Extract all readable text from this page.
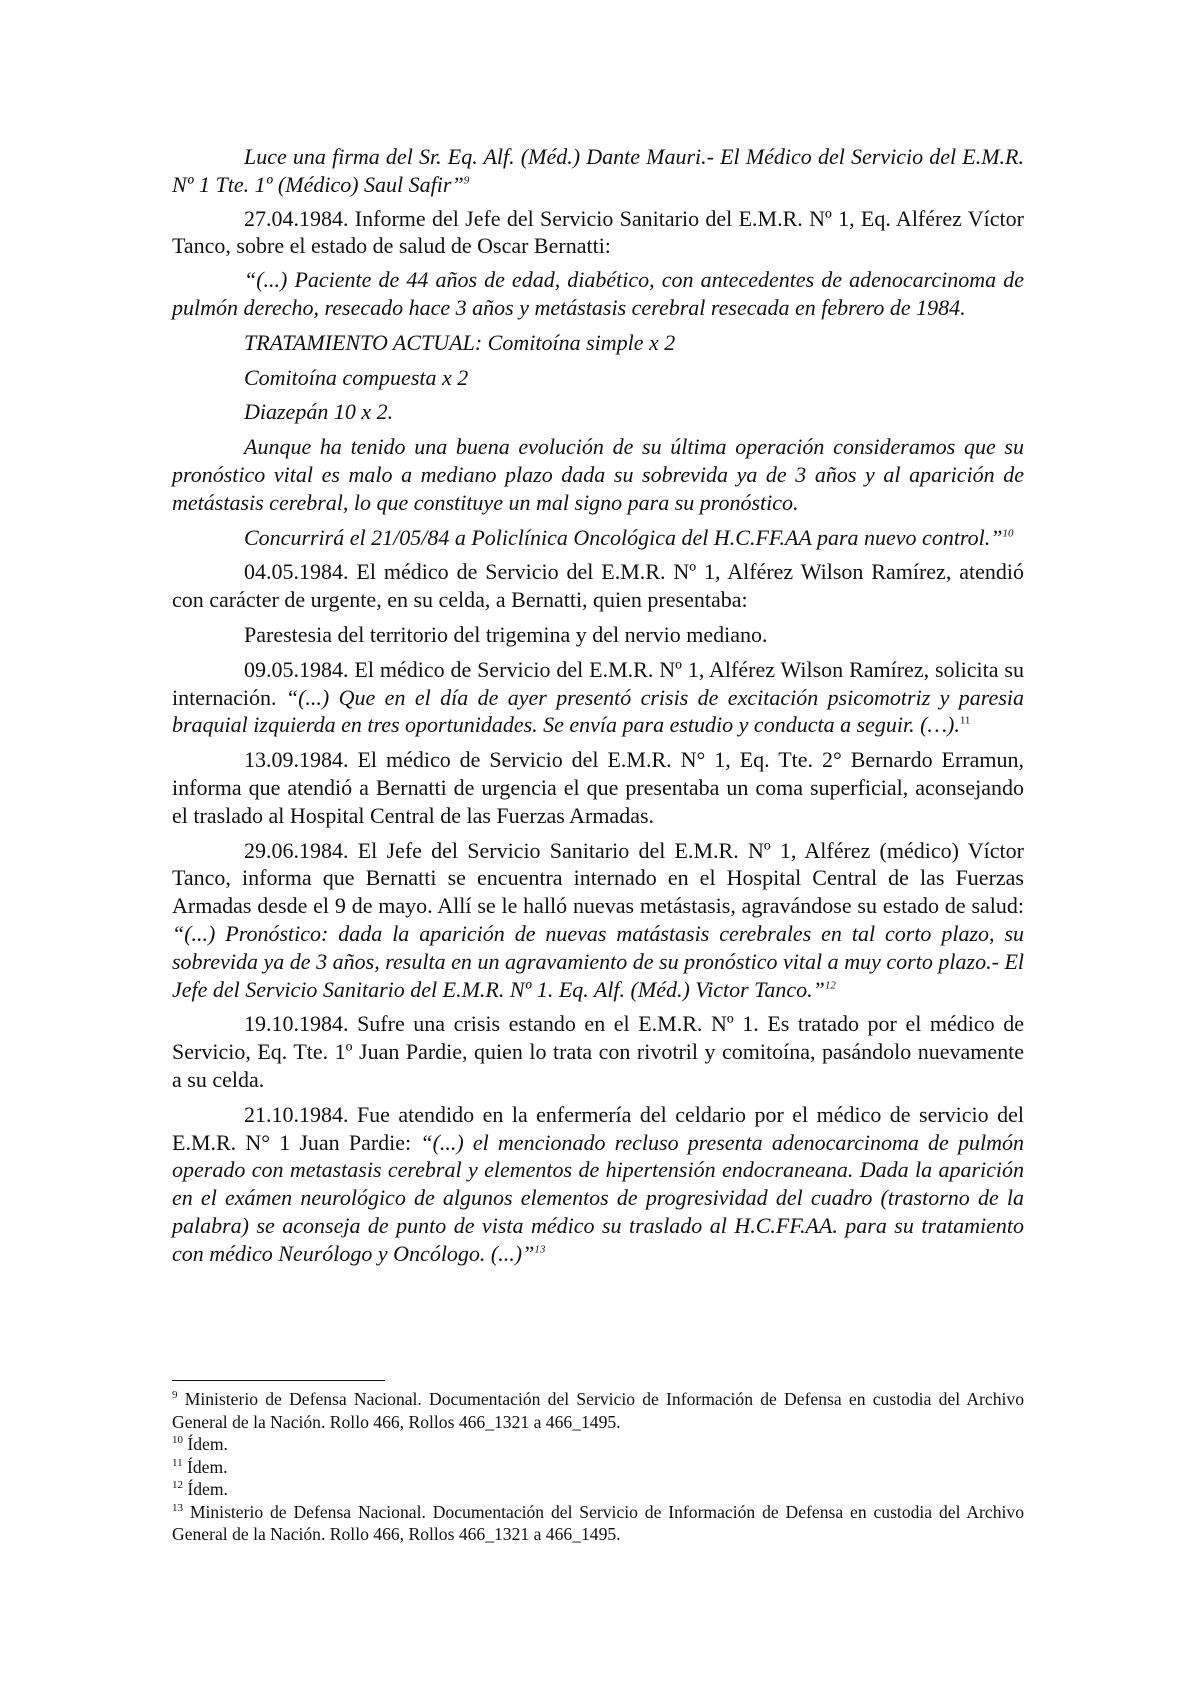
Luce una firma del Sr. Eq. Alf. (Méd.) Dante Mauri.- El Médico del Servicio del E.M.R. Nº 1 Tte. 1º (Médico) Saul Safir”$^9$

27.04.1984. Informe del Jefe del Servicio Sanitario del E.M.R. Nº 1, Eq. Alférez Víctor Tanco, sobre el estado de salud de Oscar Bernatti:

“(...) Paciente de 44 años de edad, diabético, con antecedentes de adenocarcinoma de pulmón derecho, resecado hace 3 años y metástasis cerebral resecada en febrero de 1984.

TRATAMIENTO ACTUAL: Comitoína simple x 2

Comitoína compuesta x 2

Diazepán 10 x 2.

Aunque ha tenido una buena evolución de su última operación consideramos que su pronóstico vital es malo a mediano plazo dada su sobrevida ya de 3 años y al aparición de metástasis cerebral, lo que constituye un mal signo para su pronóstico.

Concurrirá el 21/05/84 a Policlínica Oncológica del H.C.FF.AA para nuevo control.”$^{10}$

04.05.1984. El médico de Servicio del E.M.R. Nº 1, Alférez Wilson Ramírez, atendió con carácter de urgente, en su celda, a Bernatti, quien presentaba:

Parestesia del territorio del trigemina y del nervio mediano.

09.05.1984. El médico de Servicio del E.M.R. Nº 1, Alférez Wilson Ramírez, solicita su internación. “(...) Que en el día de ayer presentó crisis de excitación psicomotriz y paresia braquial izquierda en tres oportunidades. Se envía para estudio y conducta a seguir. (…).$^{11}$

13.09.1984. El médico de Servicio del E.M.R. N° 1, Eq. Tte. 2° Bernardo Erramun, informa que atendió a Bernatti de urgencia el que presentaba un coma superficial, aconsejando el traslado al Hospital Central de las Fuerzas Armadas.

29.06.1984. El Jefe del Servicio Sanitario del E.M.R. Nº 1, Alférez (médico) Víctor Tanco, informa que Bernatti se encuentra internado en el Hospital Central de las Fuerzas Armadas desde el 9 de mayo. Allí se le halló nuevas metástasis, agravándose su estado de salud: “(...) Pronóstico: dada la aparición de nuevas matástasis cerebrales en tal corto plazo, su sobrevida ya de 3 años, resulta en un agravamiento de su pronóstico vital a muy corto plazo.- El Jefe del Servicio Sanitario del E.M.R. Nº 1. Eq. Alf. (Méd.) Victor Tanco.”$^{12}$

19.10.1984. Sufre una crisis estando en el E.M.R. Nº 1. Es tratado por el médico de Servicio, Eq. Tte. 1º Juan Pardie, quien lo trata con rivotril y comitoína, pasándolo nuevamente a su celda.

21.10.1984. Fue atendido en la enfermería del celdario por el médico de servicio del E.M.R. N° 1 Juan Pardie: “(...) el mencionado recluso presenta adenocarcinoma de pulmón operado con metastasis cerebral y elementos de hipertensión endocraneana. Dada la aparición en el exámen neurológico de algunos elementos de progresividad del cuadro (trastorno de la palabra) se aconseja de punto de vista médico su traslado al H.C.FF.AA. para su tratamiento con médico Neurólogo y Oncólogo. (...)”$^{13}$

$^9$ Ministerio de Defensa Nacional. Documentación del Servicio de Información de Defensa en custodia del Archivo General de la Nación. Rollo 466, Rollos 466_1321 a 466_1495.

$^{10}$ Ídem.

$^{11}$ Ídem.

$^{12}$ Ídem.

$^{13}$ Ministerio de Defensa Nacional. Documentación del Servicio de Información de Defensa en custodia del Archivo General de la Nación. Rollo 466, Rollos 466_1321 a 466_1495.
